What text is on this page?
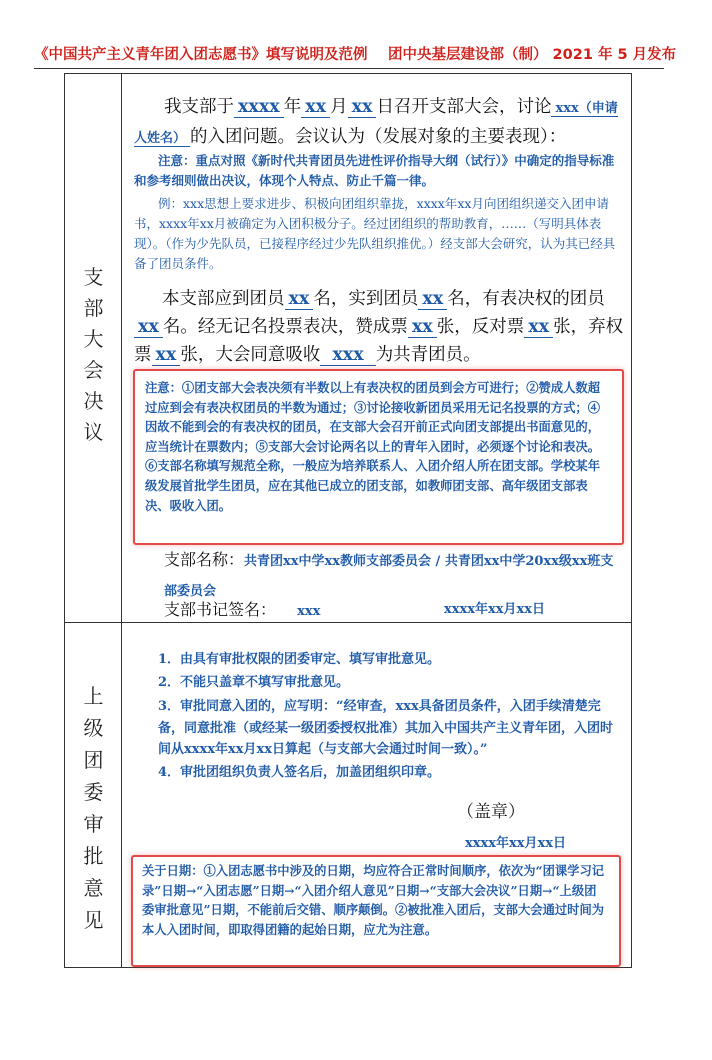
《中国共产主义青年团入团志愿书》填写说明及范例 团中央基层建设部（制） 2021 年 5 月发布
支
部
大
会
决
议
我支部于 xxxx 年 xx 月 xx 日召开支部大会，讨论 xxx（申请人姓名） 的入团问题。会议认为（发展对象的主要表现）：
注意：重点对照《新时代共青团员先进性评价指导大纲（试行）》中确定的指导标准和参考细则做出决议，体现个人特点、防止千篇一律。
例：xxx思想上要求进步、积极向团组织靠拢，xxxx年xx月向团组织递交入团申请书，xxxx年xx月被确定为入团积极分子。经过团组织的帮助教育，……（写明具体表现）。（作为少先队员，已接程序经过少先队组织推优。）经支部大会研究，认为其已经具备了团员条件。
本支部应到团员 xx 名，实到团员 xx 名，有表决权的团员xx 名。经无记名投票表决，赞成票 xx 张，反对票 xx 张，弃权票 xx 张，大会同意吸收 xxx 为共青团员。
注意：①团支部大会表决须有半数以上有表决权的团员到会方可进行；②赞成人数超过应到会有表决权团员的半数为通过；③讨论接收新团员采用无记名投票的方式；④因故不能到会的有表决权的团员，在支部大会召开前正式向团支部提出书面意见的，应当统计在票数内；⑤支部大会讨论两名以上的青年入团时，必须逐个讨论和表决。⑥支部名称填写规范全称，一般应为培养联系人、入团介绍人所在团支部。学校某年级发展首批学生团员，应在其他已成立的团支部，如教师团支部、高年级团支部表决、吸收入团。
支部名称：共青团xx中学xx教师支部委员会 / 共青团xx中学20xx级xx班支部委员会
支部书记签名： xxx	xxxx年xx月xx日
上
级
团
委
审
批
意
见
1．由具有审批权限的团委审定、填写审批意见。
2．不能只盖章不填写审批意见。
3．审批同意入团的，应写明：“经审查，xxx具备团员条件，入团手续清楚完备，同意批准（或经某一级团委授权批准）其加入中国共产主义青年团，入团时间从xxxx年xx月xx日算起（与支部大会通过时间一致）。”
4．审批团组织负责人签名后，加盖团组织印章。
（盖章）
xxxx年xx月xx日
关于日期：①入团志愿书中涉及的日期，均应符合正常时间顺序，依次为“团课学习记录”日期→“入团志愿”日期→“入团介绍人意见”日期→“支部大会决议”日期→“上级团委审批意见”日期，不能前后交错、顺序颠倒。②被批准入团后，支部大会通过时间为本人入团时间，即取得团籍的起始日期，应尤为注意。
